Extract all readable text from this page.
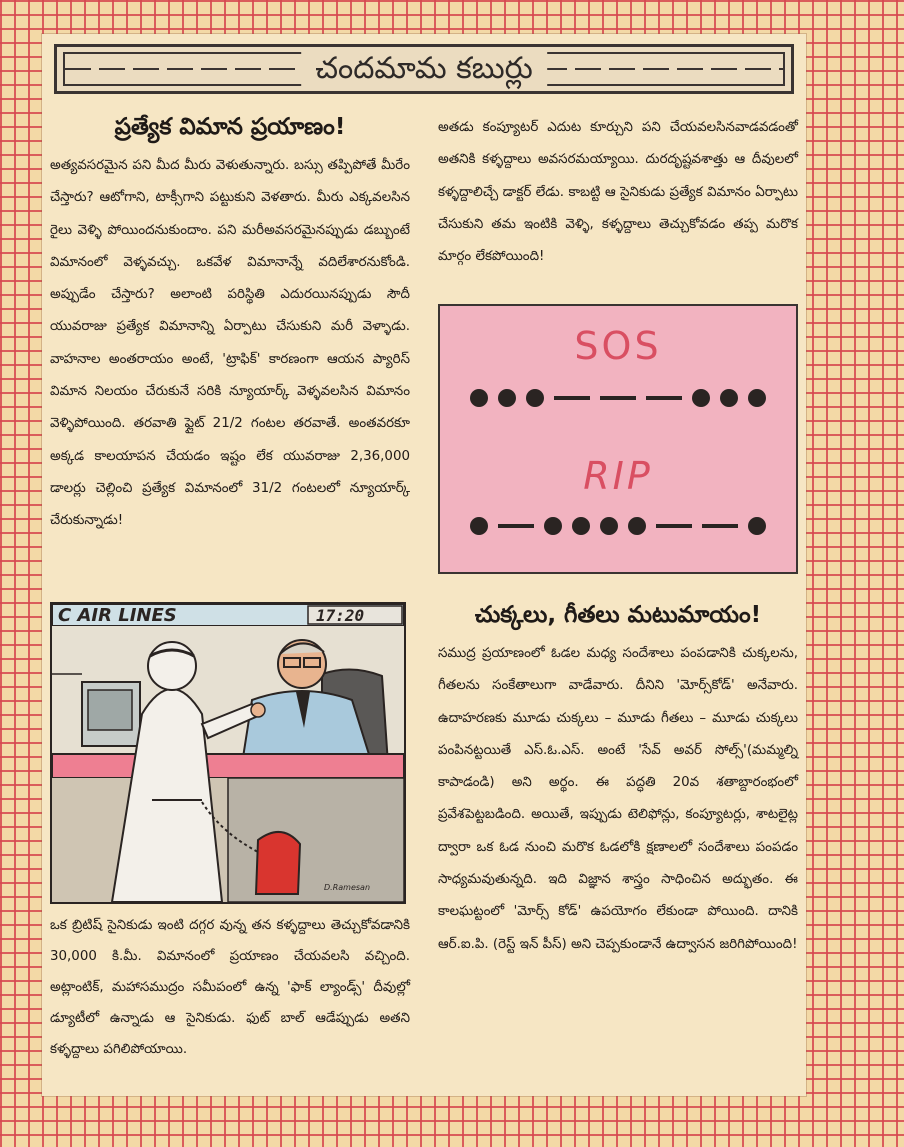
చందమామ కబుర్లు
ప్రత్యేక విమాన ప్రయాణం!

అత్యవసరమైన పని మీద మీరు వెళుతున్నారు. బస్సు తప్పిపోతే మీరేం చేస్తారు? ఆటోగాని, టాక్సీగాని పట్టుకుని వెళతారు. మీరు ఎక్కవలసిన రైలు వెళ్ళి పోయిందనుకుందాం. పని మరీఅవసరమైనప్పుడు డబ్బుంటే విమానంలో వెళ్ళవచ్చు. ఒకవేళ విమానాన్నే వదిలేశారనుకోండి. అప్పుడేం చేస్తారు? అలాంటి పరిస్థితి ఎదురయినప్పుడు సౌదీ యువరాజు ప్రత్యేక విమానాన్ని ఏర్పాటు చేసుకుని మరీ వెళ్ళాడు. వాహనాల అంతరాయం అంటే, 'ట్రాఫిక్' కారణంగా ఆయన ప్యారిస్ విమాన నిలయం చేరుకునే సరికి న్యూయార్క్ వెళ్ళవలసిన విమానం వెళ్ళిపోయింది. తరవాతి ఫ్లైట్ 21/2 గంటల తరవాతే. అంతవరకూ అక్కడ కాలయాపన చేయడం ఇష్టం లేక యువరాజు 2,36,000 డాలర్లు చెల్లించి ప్రత్యేక విమానంలో 31/2 గంటలలో న్యూయార్క్ చేరుకున్నాడు!

C AIR LINES	17:20
D.Ramesan

ఒక బ్రిటిష్ సైనికుడు ఇంటి దగ్గర వున్న తన కళ్ళద్దాలు తెచ్చుకోవడానికి 30,000 కి.మీ. విమానంలో ప్రయాణం చేయవలసి వచ్చింది. అట్లాంటిక్, మహాసముద్రం సమీపంలో ఉన్న 'ఫాక్ ల్యాండ్స్' దీవుల్లో డ్యూటీలో ఉన్నాడు ఆ సైనికుడు. ఫుట్ బాల్ ఆడేప్పుడు అతని కళ్ళద్దాలు పగిలిపోయాయి.

అతడు కంప్యూటర్ ఎదుట కూర్చుని పని చేయవలసినవాడవడంతో అతనికి కళ్ళద్దాలు అవసరమయ్యాయి. దురదృష్టవశాత్తు ఆ దీవులలో కళ్ళద్దాలిచ్చే డాక్టర్ లేడు. కాబట్టి ఆ సైనికుడు ప్రత్యేక విమానం ఏర్పాటు చేసుకుని తమ ఇంటికి వెళ్ళి, కళ్ళద్దాలు తెచ్చుకోవడం తప్ప మరొక మార్గం లేకపోయింది!

SOS
RIP
చుక్కలు, గీతలు మటుమాయం!

సముద్ర ప్రయాణంలో ఓడల మధ్య సందేశాలు పంపడానికి చుక్కలను, గీతలను సంకేతాలుగా వాడేవారు. దీనిని 'మోర్స్‌కోడ్' అనేవారు. ఉదాహరణకు మూడు చుక్కలు – మూడు గీతలు – మూడు చుక్కలు పంపినట్టయితే ఎస్.ఓ.ఎస్. అంటే 'సేవ్ అవర్ సోల్స్'(మమ్మల్ని కాపాడండి) అని అర్థం. ఈ పద్ధతి 20వ శతాబ్దారంభంలో ప్రవేశపెట్టబడింది. అయితే, ఇప్పుడు టెలిఫోన్లు, కంప్యూటర్లు, శాటలైట్ల ద్వారా ఒక ఓడ నుంచి మరొక ఓడలోకి క్షణాలలో సందేశాలు పంపడం సాధ్యమవుతున్నది. ఇది విజ్ఞాన శాస్త్రం సాధించిన అద్భుతం. ఈ కాలఘట్టంలో 'మోర్స్ కోడ్' ఉపయోగం లేకుండా పోయింది. దానికి ఆర్.ఐ.పి. (రెస్ట్ ఇన్ పీస్) అని చెప్పకుండానే ఉద్వాసన జరిగిపోయింది!
